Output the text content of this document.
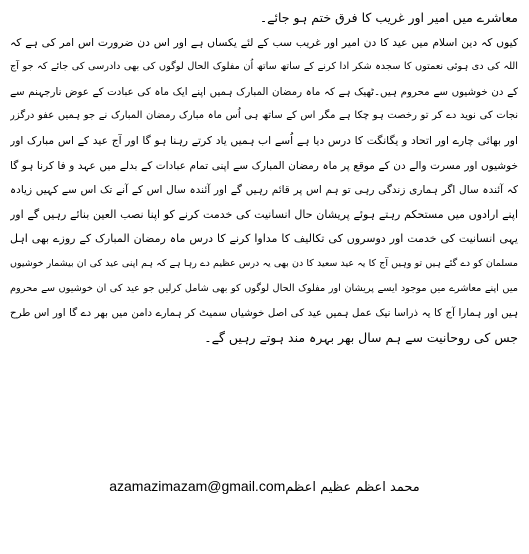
معاشرے میں امیر اور غریب کا فرق ختم ہو جائے۔
کیوں کہ دین اسلام میں عید کا دن امیر اور غریب سب کے لئے یکساں ہے اور اس دن ضرورت اس امر کی ہے کہ
اللہ کی دی ہوئی نعمتوں کا سجدہ شکر ادا کرنے کے ساتھ ساتھ اُن مفلوک الحال لوگوں کی بھی دادرسی کی جائے کہ جو آج
کے دن خوشیوں سے محروم ہیں۔ٹھیک ہے کہ ماہ رمضان المبارک ہمیں اپنے ایک ماہ کی عبادت کے عوض نارجہنم سے
نجات کی نوید دے کر تو رخصت ہو چکا ہے مگر اس کے ساتھ ہی اُس ماہ مبارک رمضان المبارک نے جو ہمیں عفو درگزر
اور بھائی چارے اور اتحاد و یگانگت کا درس دیا ہے اُسے اب ہمیں یاد کرتے رہنا ہو گا اور آج عید کے اس مبارک اور
خوشیوں اور مسرت والے دن کے موقع پر ماہ رمضان المبارک سے اپنی تمام عبادات کے بدلے میں عہد و فا کرنا ہو گا
کہ آئندہ سال اگر ہماری زندگی رہی تو ہم اس پر قائم رہیں گے اور آئندہ سال اس کے آنے تک اس سے کہیں زیادہ
اپنے ارادوں میں مستحکم رہتے ہوئے پریشان حال انسانیت کی خدمت کرنے کو اپنا نصب العین بنائے رہیں گے اور
یہی انسانیت کی خدمت اور دوسروں کی تکالیف کا مداوا کرنے کا درس ماہ رمضان المبارک کے روزے بھی اہل
مسلمان کو دے گئے ہیں تو وہیں آج کا یہ عید سعید کا دن بھی یہ درس عظیم دے رہا ہے کہ ہم اپنی عید کی ان بیشمار خوشیوں
میں اپنے معاشرے میں موجود ایسے پریشان اور مفلوک الحال لوگوں کو بھی شامل کرلیں جو عید کی ان خوشیوں سے محروم
ہیں اور ہمارا آج کا یہ ذراسا نیک عمل ہمیں عید کی اصل خوشیاں سمیٹ کر ہمارے دامن میں بھر دے گا اور اس طرح
جس کی روحانیت سے ہم سال بھر بہرہ مند ہوتے رہیں گے۔
azamazimazam@gmail.comمحمد اعظم عظیم اعظم
